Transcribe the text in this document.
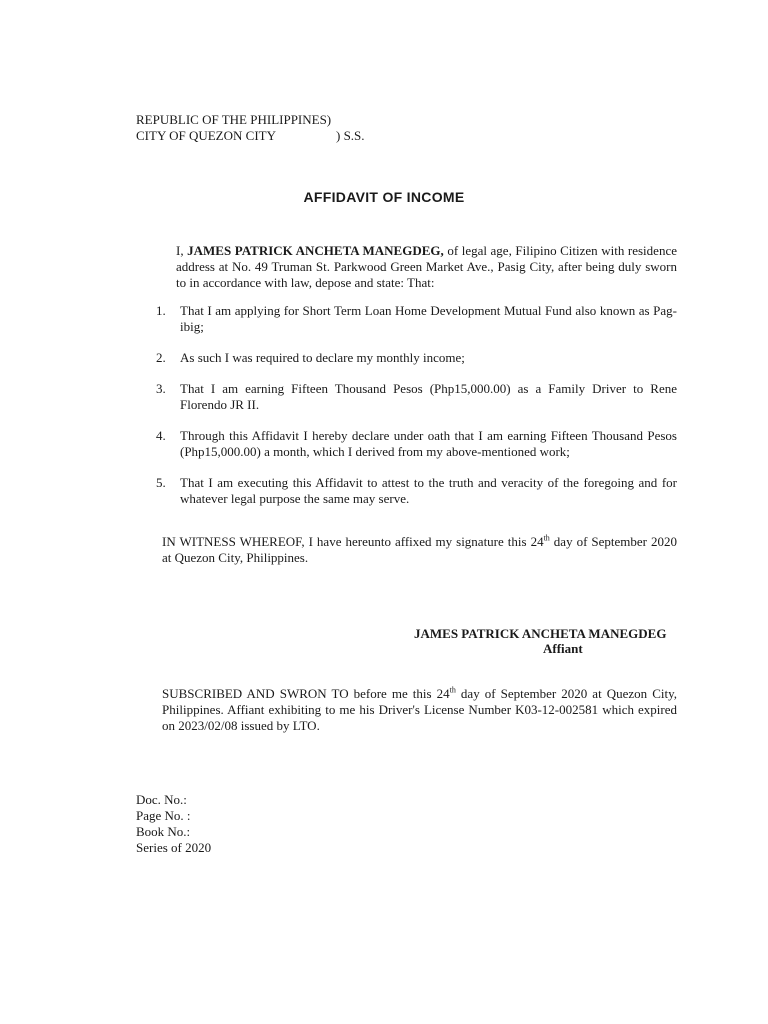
REPUBLIC OF THE PHILIPPINES)
CITY OF QUEZON CITY	) S.S.
AFFIDAVIT OF INCOME
I, JAMES PATRICK ANCHETA MANEGDEG, of legal age, Filipino Citizen with residence address at No. 49 Truman St. Parkwood Green Market Ave., Pasig City, after being duly sworn to in accordance with law, depose and state: That:
1.	That I am applying for Short Term Loan Home Development Mutual Fund also known as Pag-ibig;
2.	As such I was required to declare my monthly income;
3.	That I am earning Fifteen Thousand Pesos (Php15,000.00) as a Family Driver to Rene Florendo JR II.
4.	Through this Affidavit I hereby declare under oath that I am earning Fifteen Thousand Pesos (Php15,000.00) a month, which I derived from my above-mentioned work;
5.	That I am executing this Affidavit to attest to the truth and veracity of the foregoing and for whatever legal purpose the same may serve.
IN WITNESS WHEREOF, I have hereunto affixed my signature this 24th day of September 2020 at Quezon City, Philippines.
JAMES PATRICK ANCHETA MANEGDEG
Affiant
SUBSCRIBED AND SWRON TO before me this 24th day of September 2020 at Quezon City, Philippines. Affiant exhibiting to me his Driver's License Number K03-12-002581 which expired on 2023/02/08 issued by LTO.
Doc. No.:
Page No. :
Book No.:
Series of 2020
